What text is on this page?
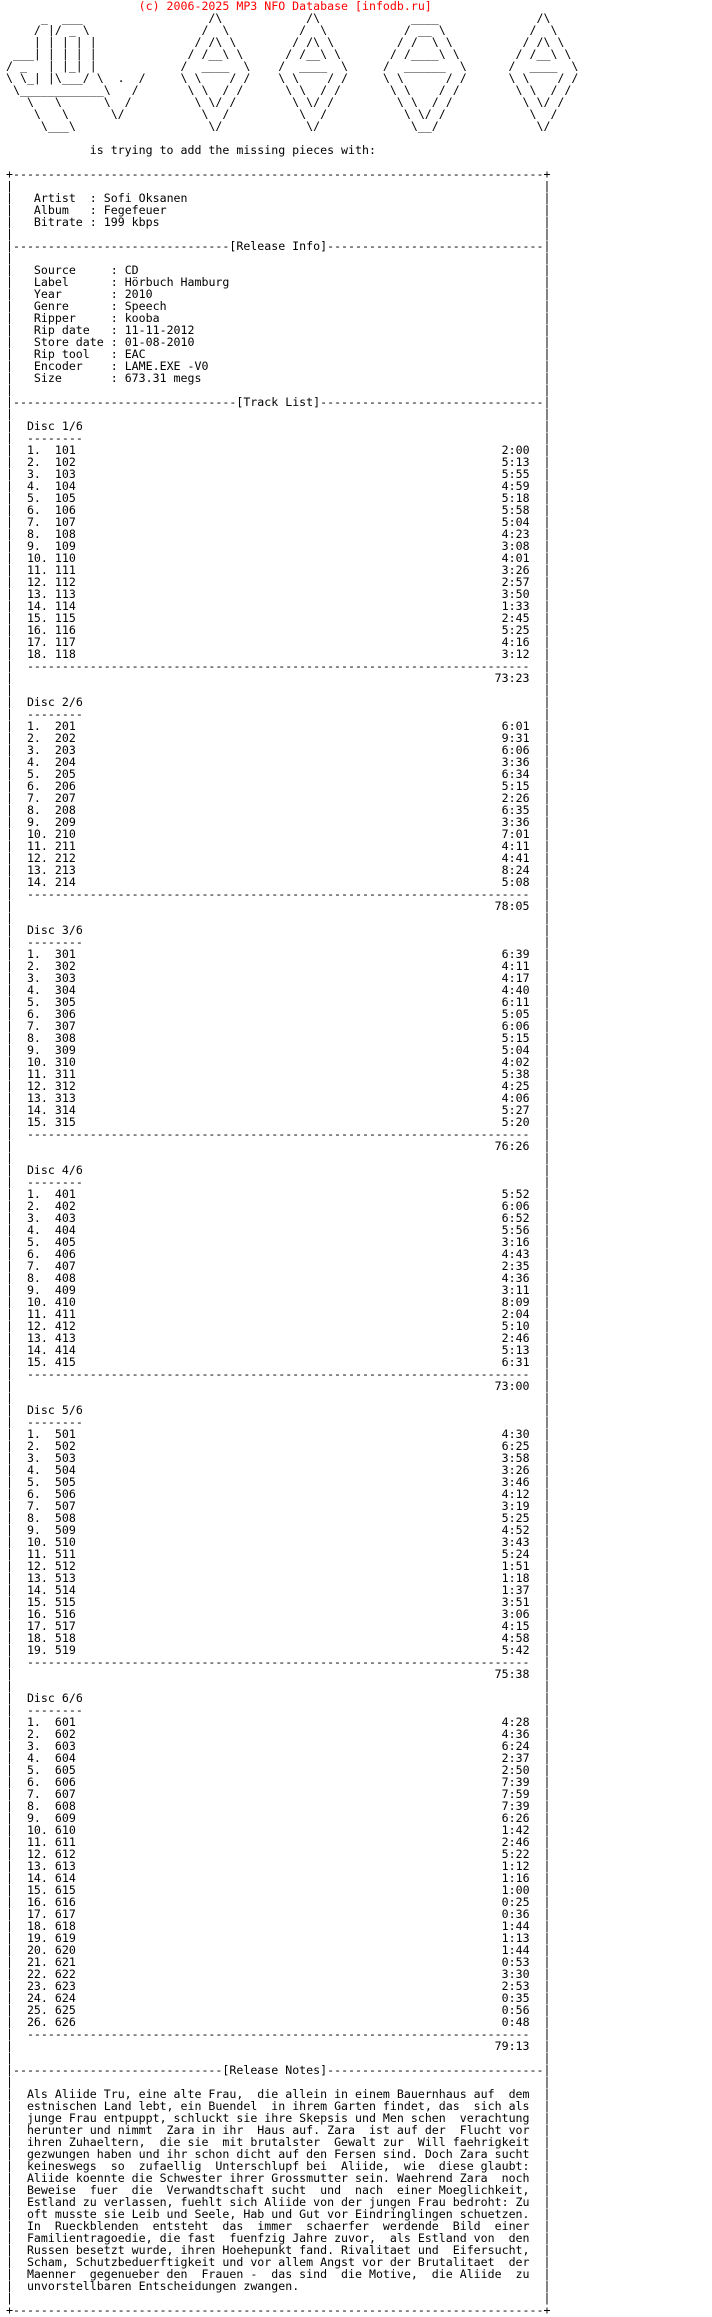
(c) 2006-2025 MP3 NFO Database [infodb.ru]
_  ___                  /\            /\             ____              /\
/ |/ _ \                /  \          /  \           / __ \            /  \
| | | | |              / /\ \        / /\ \         / /  \ \          / /\ \
___| | | | |             / /__\ \      / /__\ \       / /____\ \        / /__\ \
/ _   | |_| |            /  ____  \    /  ____  \     /  ______  \      /  ____  \
\ \_| |\___/ \  .  /     \ \    / /    \ \    / /     \ \      / /      \ \    / /
\____________\   /       \ \  / /      \ \  / /       \ \    / /        \ \  / /
\   \      \  /         \ \/ /        \ \/ /         \ \  / /          \ \/ /
\   \      \/           \  /          \  /           \ \/ /            \  /
\___\                   \/            \/             \__/              \/

is trying to add the missing pieces with:

+----------------------------------------------------------------------------+
|                                                                            |
|   Artist  : Sofi Oksanen	|
|   Album   : Fegefeuer	|
|   Bitrate : 199 kbps	|
|                                                                            |
|-------------------------------[Release Info]-------------------------------|
|                                                                            |
|   Source     : CD	|
|   Label      : Hörbuch Hamburg	|
|   Year       : 2010	|
|   Genre      : Speech	|
|   Ripper     : kooba	|
|   Rip date   : 11-11-2012	|
|   Store date : 01-08-2010	|
|   Rip tool   : EAC	|
|   Encoder    : LAME.EXE -V0	|
|   Size       : 673.31 megs	|
|                                                                            |
|--------------------------------[Track List]--------------------------------|
|                                                                            |
|  Disc 1/6	|
|  --------	|
|  1.  101	2:00  |
|  2.  102	5:13  |
|  3.  103	5:55  |
|  4.  104	4:59  |
|  5.  105	5:18  |
|  6.  106	5:58  |
|  7.  107	5:04  |
|  8.  108	4:23  |
|  9.  109	3:08  |
|  10. 110	4:01  |
|  11. 111	3:26  |
|  12. 112	2:57  |
|  13. 113	3:50  |
|  14. 114	1:33  |
|  15. 115	2:45  |
|  16. 116	5:25  |
|  17. 117	4:16  |
|  18. 118	3:12  |
|  ------------------------------------------------------------------------  |
|                                                                     73:23  |
|                                                                            |
|  Disc 2/6	|
|  --------	|
|  1.  201	6:01  |
|  2.  202	9:31  |
|  3.  203	6:06  |
|  4.  204	3:36  |
|  5.  205	6:34  |
|  6.  206	5:15  |
|  7.  207	2:26  |
|  8.  208	6:35  |
|  9.  209	3:36  |
|  10. 210	7:01  |
|  11. 211	4:11  |
|  12. 212	4:41  |
|  13. 213	8:24  |
|  14. 214	5:08  |
|  ------------------------------------------------------------------------  |
|                                                                     78:05  |
|                                                                            |
|  Disc 3/6	|
|  --------	|
|  1.  301	6:39  |
|  2.  302	4:11  |
|  3.  303	4:17  |
|  4.  304	4:40  |
|  5.  305	6:11  |
|  6.  306	5:05  |
|  7.  307	6:06  |
|  8.  308	5:15  |
|  9.  309	5:04  |
|  10. 310	4:02  |
|  11. 311	5:38  |
|  12. 312	4:25  |
|  13. 313	4:06  |
|  14. 314	5:27  |
|  15. 315	5:20  |
|  ------------------------------------------------------------------------  |
|                                                                     76:26  |
|                                                                            |
|  Disc 4/6	|
|  --------	|
|  1.  401	5:52  |
|  2.  402	6:06  |
|  3.  403	6:52  |
|  4.  404	5:56  |
|  5.  405	3:16  |
|  6.  406	4:43  |
|  7.  407	2:35  |
|  8.  408	4:36  |
|  9.  409	3:11  |
|  10. 410	8:09  |
|  11. 411	2:04  |
|  12. 412	5:10  |
|  13. 413	2:46  |
|  14. 414	5:13  |
|  15. 415	6:31  |
|  ------------------------------------------------------------------------  |
|                                                                     73:00  |
|                                                                            |
|  Disc 5/6	|
|  --------	|
|  1.  501	4:30  |
|  2.  502	6:25  |
|  3.  503	3:58  |
|  4.  504	3:26  |
|  5.  505	3:46  |
|  6.  506	4:12  |
|  7.  507	3:19  |
|  8.  508	5:25  |
|  9.  509	4:52  |
|  10. 510	3:43  |
|  11. 511	5:24  |
|  12. 512	1:51  |
|  13. 513	1:18  |
|  14. 514	1:37  |
|  15. 515	3:51  |
|  16. 516	3:06  |
|  17. 517	4:15  |
|  18. 518	4:58  |
|  19. 519	5:42  |
|  ------------------------------------------------------------------------  |
|                                                                     75:38  |
|                                                                            |
|  Disc 6/6	|
|  --------	|
|  1.  601	4:28  |
|  2.  602	4:36  |
|  3.  603	6:24  |
|  4.  604	2:37  |
|  5.  605	2:50  |
|  6.  606	7:39  |
|  7.  607	7:59  |
|  8.  608	7:39  |
|  9.  609	6:26  |
|  10. 610	1:42  |
|  11. 611	2:46  |
|  12. 612	5:22  |
|  13. 613	1:12  |
|  14. 614	1:16  |
|  15. 615	1:00  |
|  16. 616	0:25  |
|  17. 617	0:36  |
|  18. 618	1:44  |
|  19. 619	1:13  |
|  20. 620	1:44  |
|  21. 621	0:53  |
|  22. 622	3:30  |
|  23. 623	2:53  |
|  24. 624	0:35  |
|  25. 625	0:56  |
|  26. 626	0:48  |
|  ------------------------------------------------------------------------  |
|                                                                     79:13  |
|                                                                            |
|------------------------------[Release Notes]-------------------------------|
|                                                                            |
|  Als Aliide Tru, eine alte Frau,  die allein in einem Bauernhaus auf  dem  |
|  estnischen Land lebt, ein Buendel  in ihrem Garten findet, das  sich als  |
|  junge Frau entpuppt, schluckt sie ihre Skepsis und Men schen  verachtung  |
|  herunter und nimmt  Zara in ihr  Haus auf. Zara  ist auf der  Flucht vor  |
|  ihren Zuhaeltern,  die sie  mit brutalster  Gewalt zur  Will faehrigkeit  |
|  gezwungen haben und ihr schon dicht auf den Fersen sind. Doch Zara sucht  |
|  keineswegs  so  zufaellig  Unterschlupf bei  Aliide,  wie  diese glaubt:  |
|  Aliide koennte die Schwester ihrer Grossmutter sein. Waehrend Zara  noch  |
|  Beweise  fuer  die  Verwandtschaft sucht  und  nach  einer Moeglichkeit,  |
|  Estland zu verlassen, fuehlt sich Aliide von der jungen Frau bedroht: Zu  |
|  oft musste sie Leib und Seele, Hab und Gut vor Eindringlingen schuetzen.  |
|  In  Rueckblenden  entsteht  das  immer  schaerfer  werdende  Bild  einer  |
|  Familientragoedie, die fast  fuenfzig Jahre zuvor,  als Estland von  den  |
|  Russen besetzt wurde, ihren Hoehepunkt fand. Rivalitaet und  Eifersucht,  |
|  Scham, Schutzbeduerftigkeit und vor allem Angst vor der Brutalitaet  der  |
|  Maenner  gegenueber den  Frauen -  das sind  die Motive,  die Aliide  zu  |
|  unvorstellbaren Entscheidungen zwangen.	|
|                                                                            |
+----------------------------------------------------------------------------+
